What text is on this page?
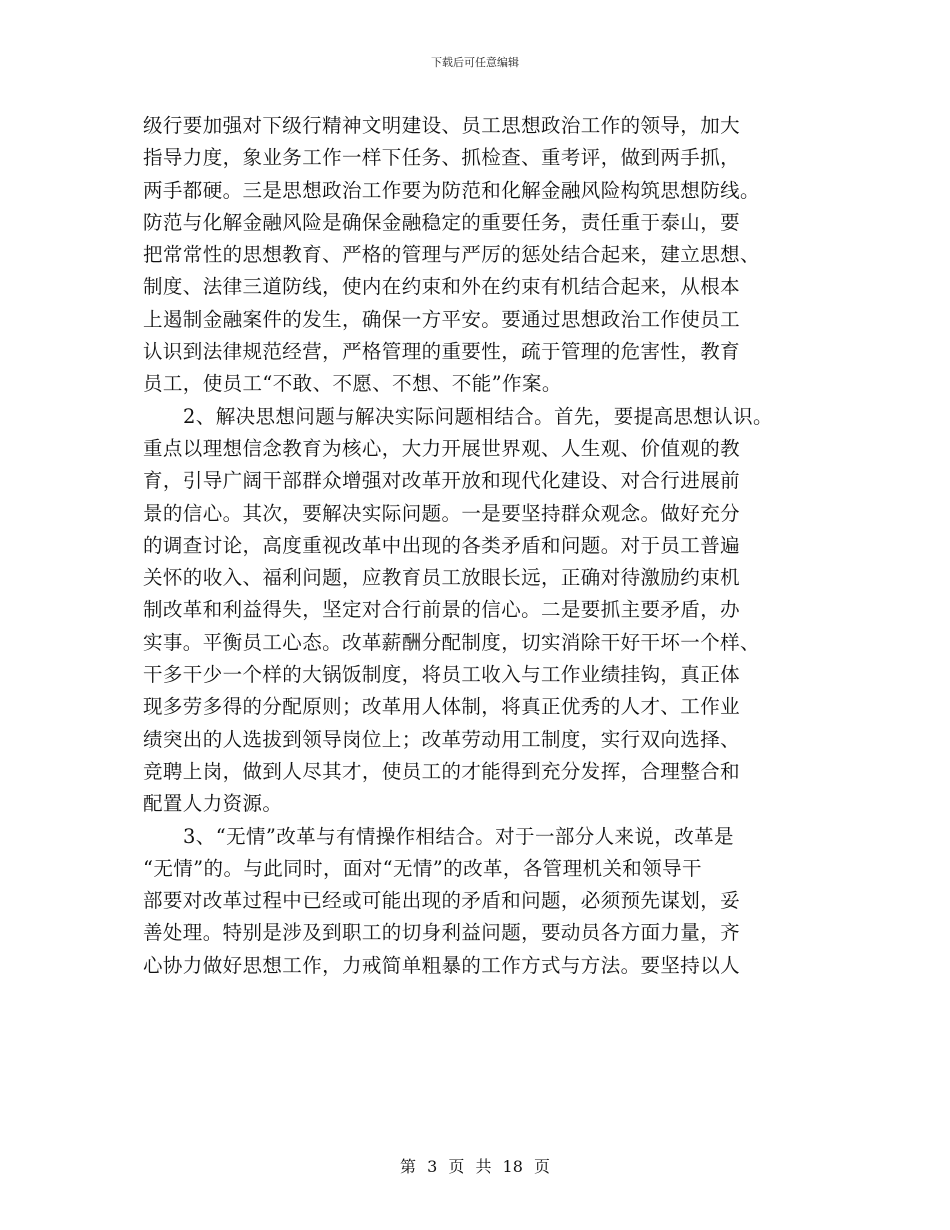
下载后可任意编辑
级行要加强对下级行精神文明建设、员工思想政治工作的领导，加大
指导力度，象业务工作一样下任务、抓检查、重考评，做到两手抓，
两手都硬。三是思想政治工作要为防范和化解金融风险构筑思想防线。
防范与化解金融风险是确保金融稳定的重要任务，责任重于泰山，要
把常常性的思想教育、严格的管理与严厉的惩处结合起来，建立思想、
制度、法律三道防线，使内在约束和外在约束有机结合起来，从根本
上遏制金融案件的发生，确保一方平安。要通过思想政治工作使员工
认识到法律规范经营，严格管理的重要性，疏于管理的危害性，教育
员工，使员工“不敢、不愿、不想、不能”作案。
2、解决思想问题与解决实际问题相结合。首先，要提高思想认识。
重点以理想信念教育为核心，大力开展世界观、人生观、价值观的教
育，引导广阔干部群众增强对改革开放和现代化建设、对合行进展前
景的信心。其次，要解决实际问题。一是要坚持群众观念。做好充分
的调查讨论，高度重视改革中出现的各类矛盾和问题。对于员工普遍
关怀的收入、福利问题，应教育员工放眼长远，正确对待激励约束机
制改革和利益得失，坚定对合行前景的信心。二是要抓主要矛盾，办
实事。平衡员工心态。改革薪酬分配制度，切实消除干好干坏一个样、
干多干少一个样的大锅饭制度，将员工收入与工作业绩挂钩，真正体
现多劳多得的分配原则；改革用人体制，将真正优秀的人才、工作业
绩突出的人选拔到领导岗位上；改革劳动用工制度，实行双向选择、
竞聘上岗，做到人尽其才，使员工的才能得到充分发挥，合理整合和
配置人力资源。
3、“无情”改革与有情操作相结合。对于一部分人来说，改革是
“无情”的。与此同时，面对“无情”的改革，各管理机关和领导干
部要对改革过程中已经或可能出现的矛盾和问题，必须预先谋划，妥
善处理。特别是涉及到职工的切身利益问题，要动员各方面力量，齐
心协力做好思想工作，力戒简单粗暴的工作方式与方法。要坚持以人
第 3 页 共 18 页
